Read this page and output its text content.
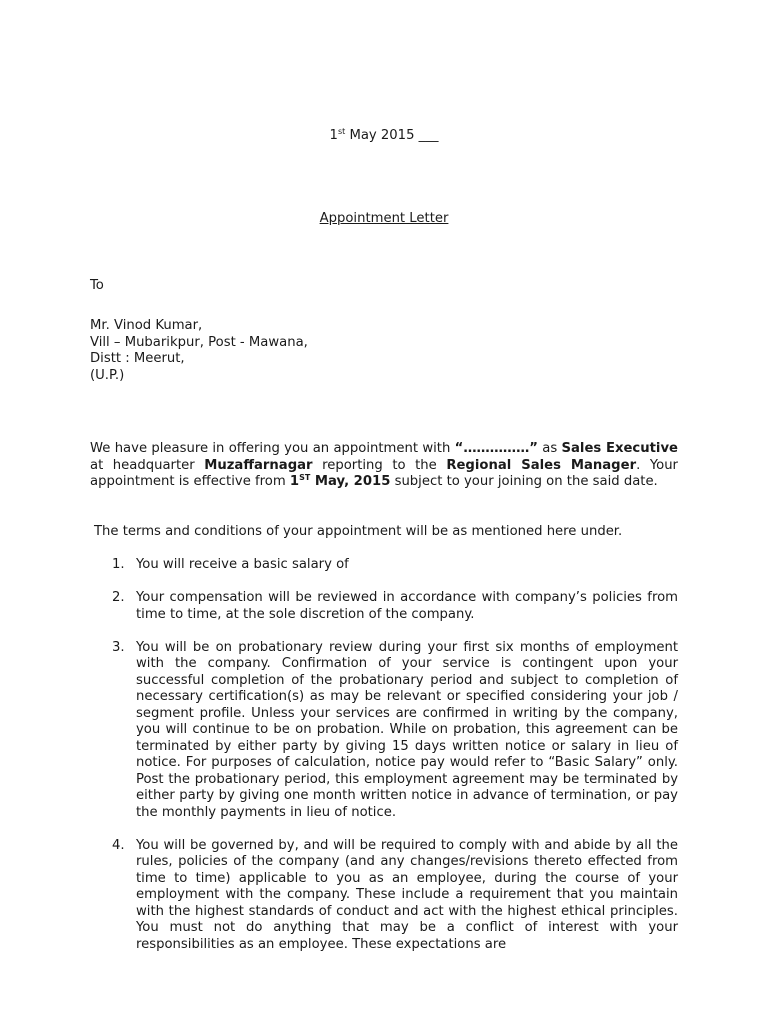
1st May 2015 ___
Appointment Letter
To
Mr. Vinod Kumar,
Vill – Mubarikpur, Post - Mawana,
Distt : Meerut,
(U.P.)
We have pleasure in offering you an appointment with “……………” as Sales Executive at headquarter Muzaffarnagar reporting to the Regional Sales Manager. Your appointment is effective from 1ST May, 2015 subject to your joining on the said date.
The terms and conditions of your appointment will be as mentioned here under.
1. You will receive a basic salary of
2. Your compensation will be reviewed in accordance with company’s policies from time to time, at the sole discretion of the company.
3. You will be on probationary review during your first six months of employment with the company. Confirmation of your service is contingent upon your successful completion of the probationary period and subject to completion of necessary certification(s) as may be relevant or specified considering your job / segment profile. Unless your services are confirmed in writing by the company, you will continue to be on probation. While on probation, this agreement can be terminated by either party by giving 15 days written notice or salary in lieu of notice. For purposes of calculation, notice pay would refer to “Basic Salary” only. Post the probationary period, this employment agreement may be terminated by either party by giving one month written notice in advance of termination, or pay the monthly payments in lieu of notice.
4. You will be governed by, and will be required to comply with and abide by all the rules, policies of the company (and any changes/revisions thereto effected from time to time) applicable to you as an employee, during the course of your employment with the company. These include a requirement that you maintain with the highest standards of conduct and act with the highest ethical principles. You must not do anything that may be a conflict of interest with your responsibilities as an employee. These expectations are
